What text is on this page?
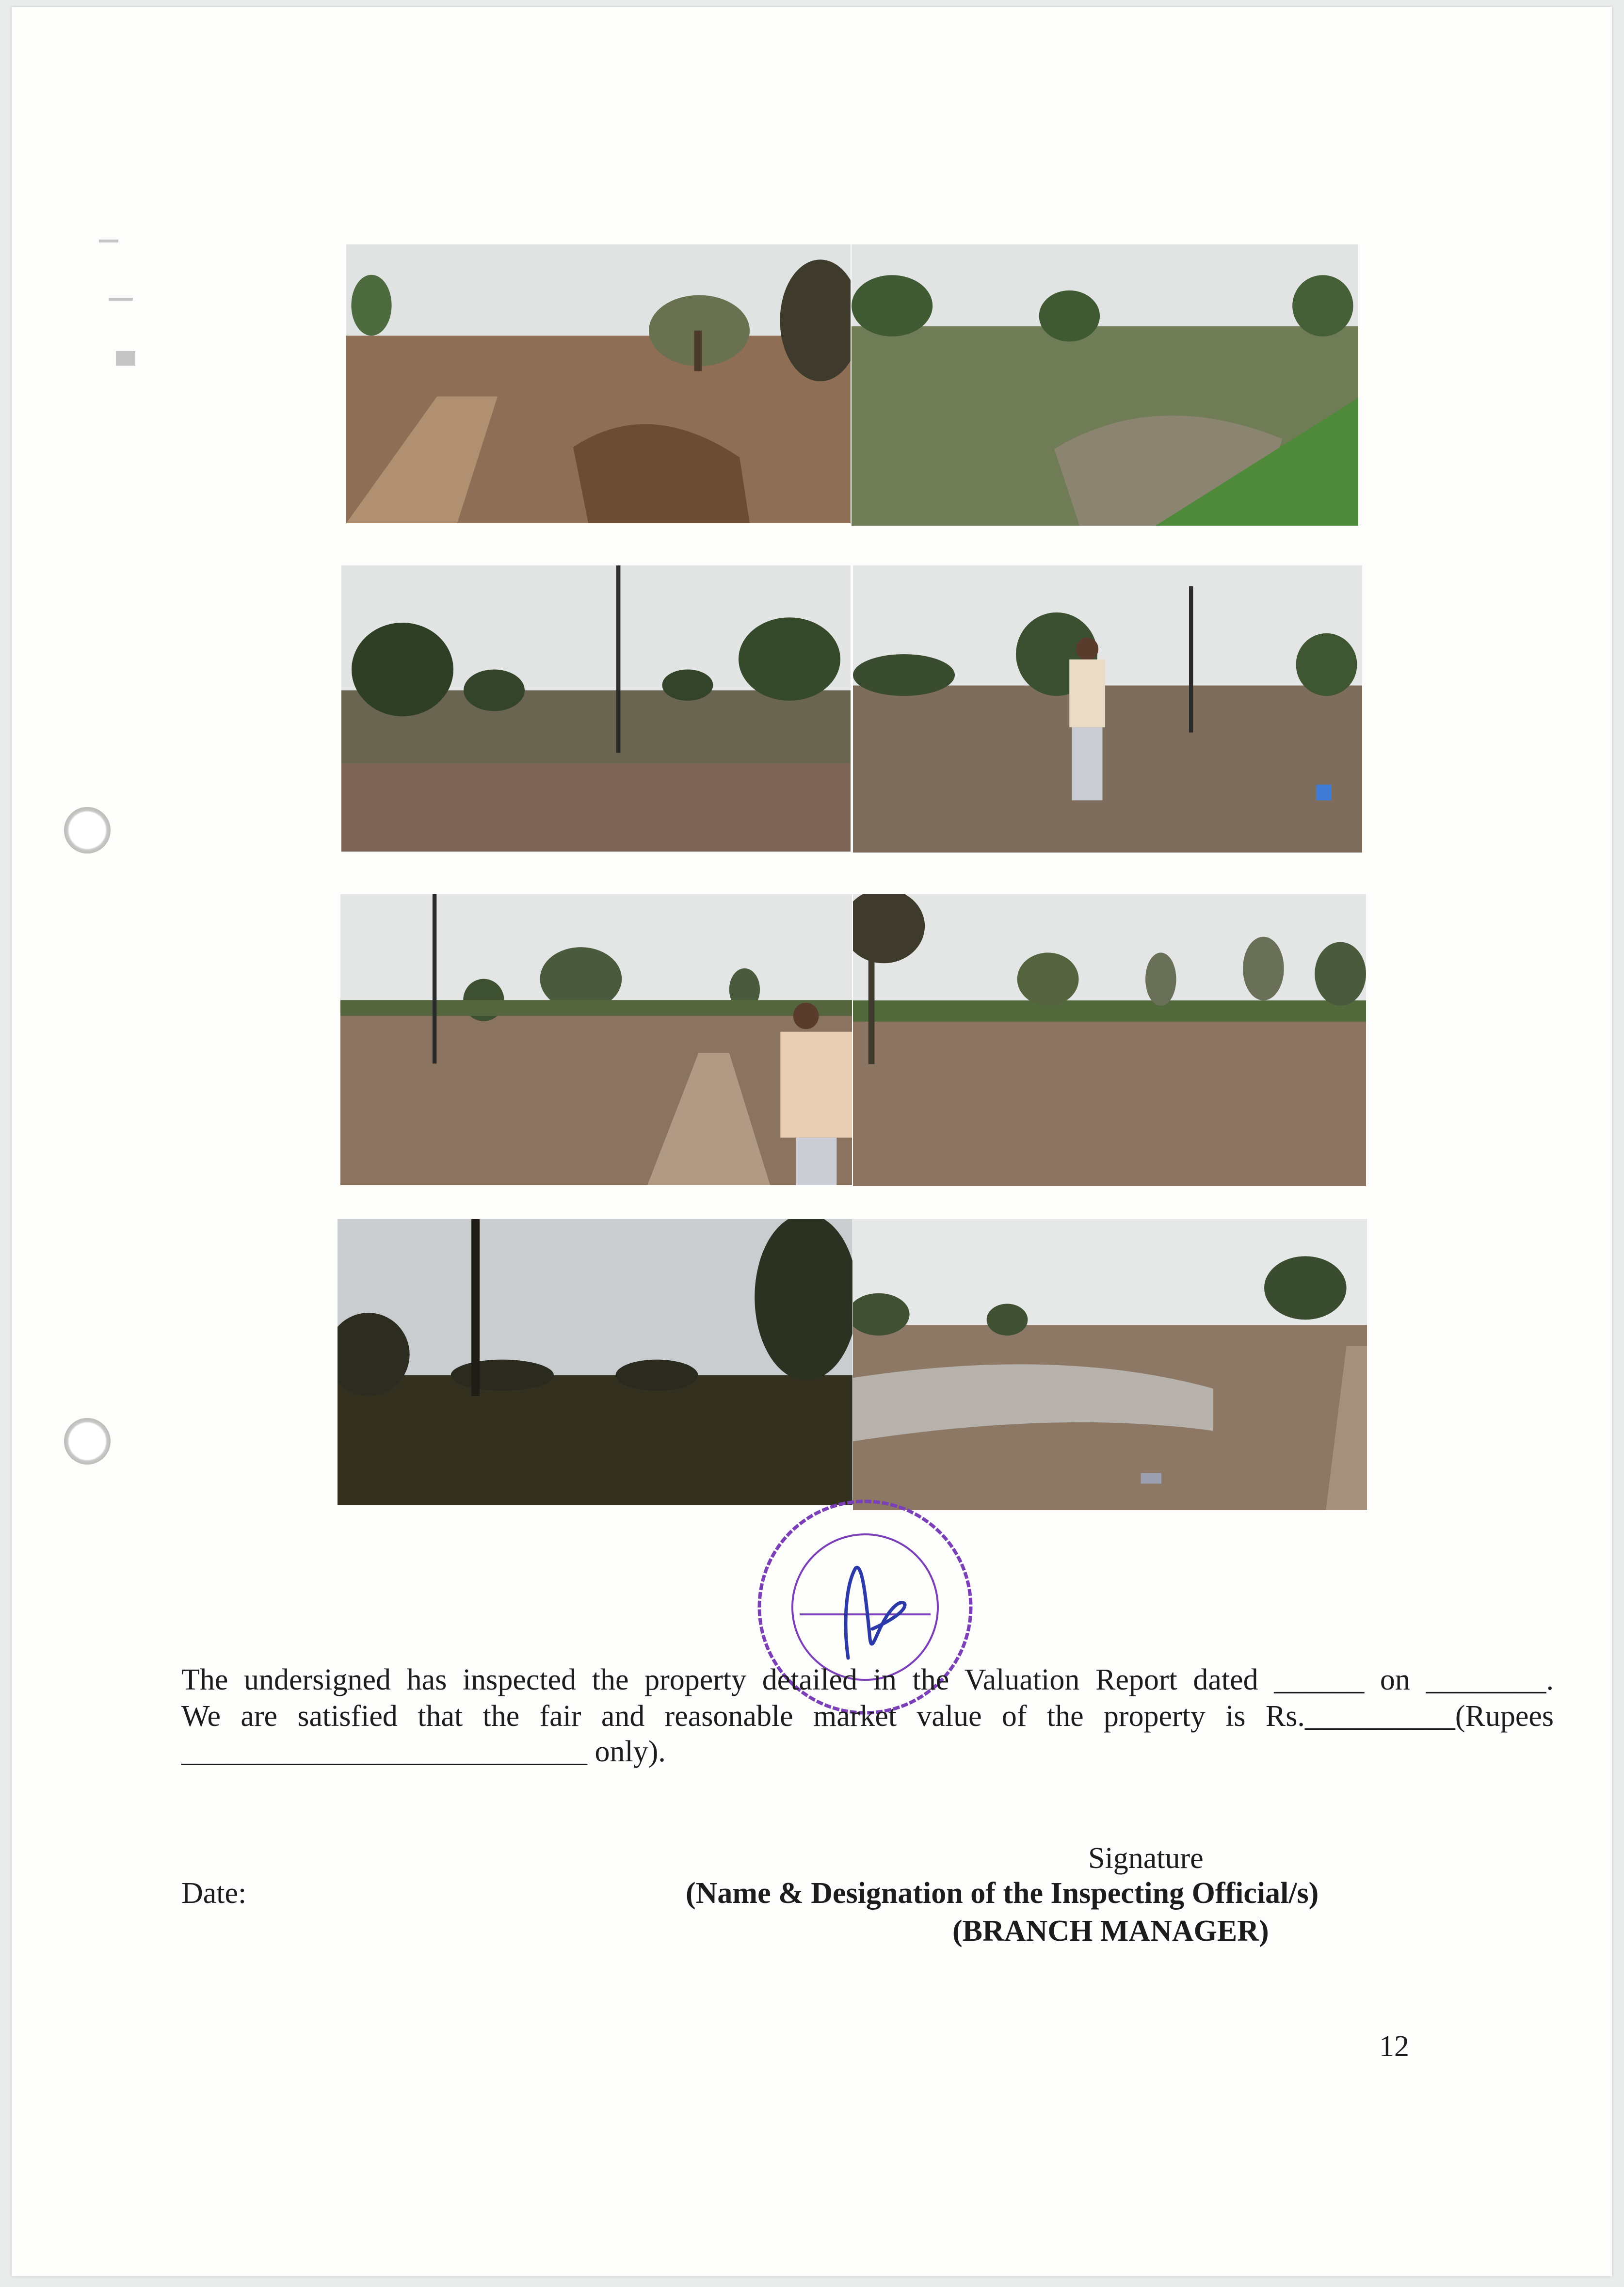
The undersigned has inspected the property detailed in the Valuation Report dated ______ on ________.
We are satisfied that the fair and reasonable market value of the property is Rs.__________(Rupees
___________________________ only).
Signature
Date:	(Name & Designation of the Inspecting Official/s)
(BRANCH MANAGER)
12
